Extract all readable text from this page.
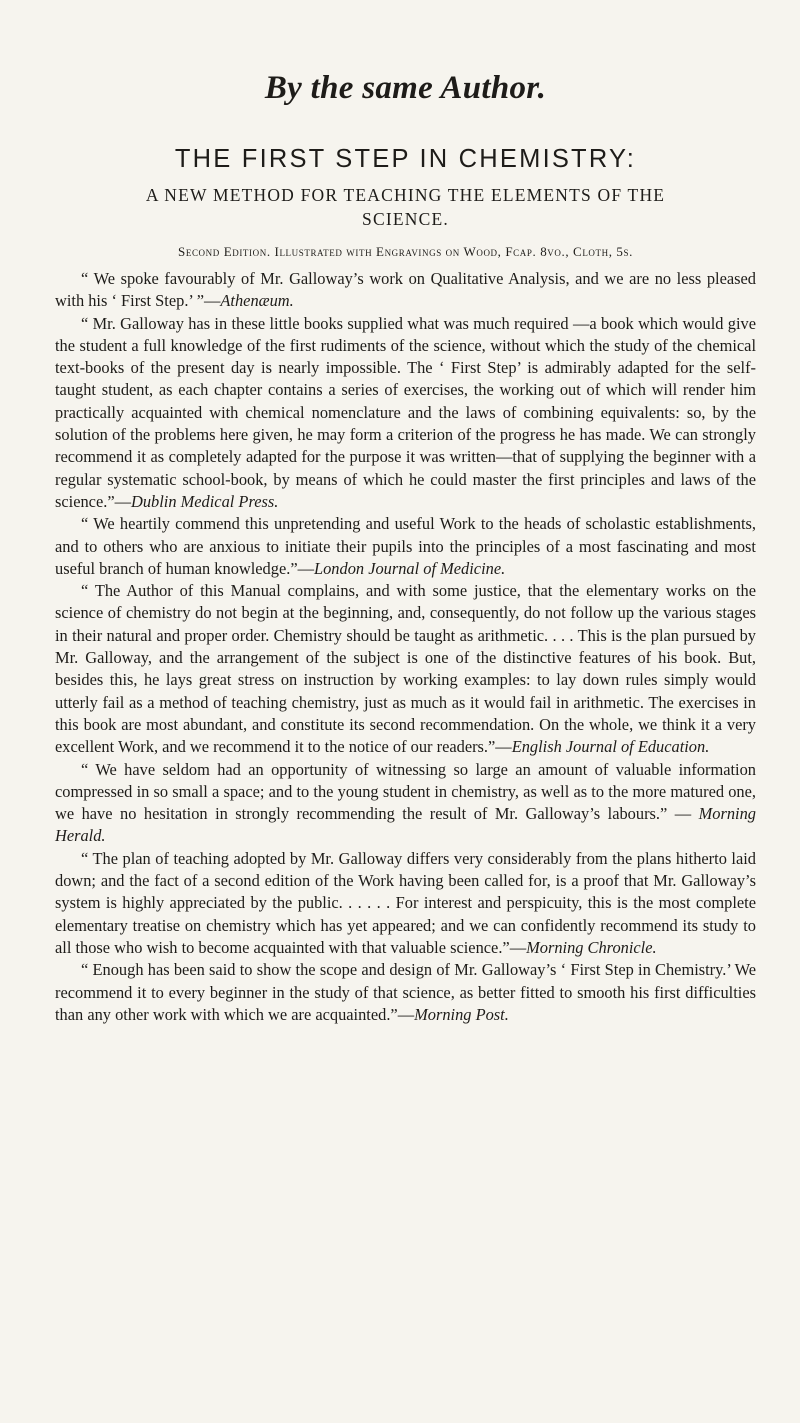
By the same Author.
THE FIRST STEP IN CHEMISTRY:

A NEW METHOD FOR TEACHING THE ELEMENTS OF THE
SCIENCE.

Second Edition. Illustrated with Engravings on Wood, Fcap. 8vo., Cloth, 5s.

“ We spoke favourably of Mr. Galloway’s work on Qualitative Analysis, and we are no less pleased with his ‘ First Step.’ ”—Athenæum.

“ Mr. Galloway has in these little books supplied what was much required —a book which would give the student a full knowledge of the first rudiments of the science, without which the study of the chemical text-books of the present day is nearly impossible. The ‘ First Step’ is admirably adapted for the self-taught student, as each chapter contains a series of exercises, the working out of which will render him practically acquainted with chemical nomenclature and the laws of combining equivalents: so, by the solution of the problems here given, he may form a criterion of the progress he has made. We can strongly recommend it as completely adapted for the purpose it was written—that of supplying the beginner with a regular systematic school-book, by means of which he could master the first principles and laws of the science.”—Dublin Medical Press.

“ We heartily commend this unpretending and useful Work to the heads of scholastic establishments, and to others who are anxious to initiate their pupils into the principles of a most fascinating and most useful branch of human knowledge.”—London Journal of Medicine.

“ The Author of this Manual complains, and with some justice, that the elementary works on the science of chemistry do not begin at the beginning, and, consequently, do not follow up the various stages in their natural and proper order. Chemistry should be taught as arithmetic. . . . This is the plan pursued by Mr. Galloway, and the arrangement of the subject is one of the distinctive features of his book. But, besides this, he lays great stress on instruction by working examples: to lay down rules simply would utterly fail as a method of teaching chemistry, just as much as it would fail in arithmetic. The exercises in this book are most abundant, and constitute its second recommendation. On the whole, we think it a very excellent Work, and we recommend it to the notice of our readers.”—English Journal of Education.

“ We have seldom had an opportunity of witnessing so large an amount of valuable information compressed in so small a space; and to the young student in chemistry, as well as to the more matured one, we have no hesitation in strongly recommending the result of Mr. Galloway’s labours.” — Morning Herald.

“ The plan of teaching adopted by Mr. Galloway differs very considerably from the plans hitherto laid down; and the fact of a second edition of the Work having been called for, is a proof that Mr. Galloway’s system is highly appreciated by the public. . . . . . For interest and perspicuity, this is the most complete elementary treatise on chemistry which has yet appeared; and we can confidently recommend its study to all those who wish to become acquainted with that valuable science.”—Morning Chronicle.

“ Enough has been said to show the scope and design of Mr. Galloway’s ‘ First Step in Chemistry.’ We recommend it to every beginner in the study of that science, as better fitted to smooth his first difficulties than any other work with which we are acquainted.”—Morning Post.
